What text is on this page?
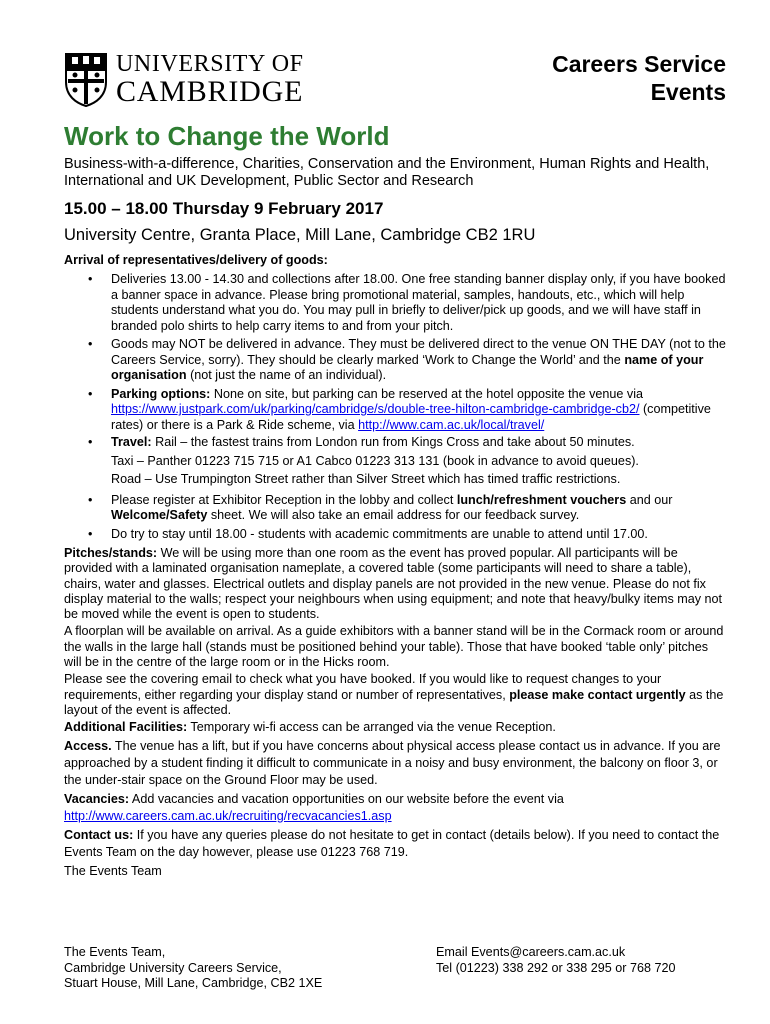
UNIVERSITY OF
CAMBRIDGE
Careers Service
Events
Work to Change the World

Business-with-a-difference, Charities, Conservation and the Environment, Human Rights and Health, International and UK Development, Public Sector and Research

15.00 – 18.00 Thursday 9 February 2017

University Centre, Granta Place, Mill Lane, Cambridge CB2 1RU

Arrival of representatives/delivery of goods:

• Deliveries 13.00 - 14.30 and collections after 18.00. One free standing banner display only, if you have booked a banner space in advance. Please bring promotional material, samples, handouts, etc., which will help students understand what you do. You may pull in briefly to deliver/pick up goods, and we will have staff in branded polo shirts to help carry items to and from your pitch.
• Goods may NOT be delivered in advance. They must be delivered direct to the venue ON THE DAY (not to the Careers Service, sorry). They should be clearly marked ‘Work to Change the World’ and the name of your organisation (not just the name of an individual).
• Parking options: None on site, but parking can be reserved at the hotel opposite the venue via https://www.justpark.com/uk/parking/cambridge/s/double-tree-hilton-cambridge-cambridge-cb2/ (competitive rates) or there is a Park & Ride scheme, via http://www.cam.ac.uk/local/travel/
• Travel: Rail – the fastest trains from London run from Kings Cross and take about 50 minutes.
Taxi – Panther 01223 715 715 or A1 Cabco 01223 313 131 (book in advance to avoid queues).
Road – Use Trumpington Street rather than Silver Street which has timed traffic restrictions.
• Please register at Exhibitor Reception in the lobby and collect lunch/refreshment vouchers and our Welcome/Safety sheet. We will also take an email address for our feedback survey.
• Do try to stay until 18.00 - students with academic commitments are unable to attend until 17.00.

Pitches/stands: We will be using more than one room as the event has proved popular. All participants will be provided with a laminated organisation nameplate, a covered table (some participants will need to share a table), chairs, water and glasses. Electrical outlets and display panels are not provided in the new venue. Please do not fix display material to the walls; respect your neighbours when using equipment; and note that heavy/bulky items may not be moved while the event is open to students.

A floorplan will be available on arrival. As a guide exhibitors with a banner stand will be in the Cormack room or around the walls in the large hall (stands must be positioned behind your table). Those that have booked ‘table only’ pitches will be in the centre of the large room or in the Hicks room.

Please see the covering email to check what you have booked. If you would like to request changes to your requirements, either regarding your display stand or number of representatives, please make contact urgently as the layout of the event is affected.

Additional Facilities: Temporary wi-fi access can be arranged via the venue Reception.

Access. The venue has a lift, but if you have concerns about physical access please contact us in advance. If you are approached by a student finding it difficult to communicate in a noisy and busy environment, the balcony on floor 3, or the under-stair space on the Ground Floor may be used.

Vacancies: Add vacancies and vacation opportunities on our website before the event via http://www.careers.cam.ac.uk/recruiting/recvacancies1.asp

Contact us: If you have any queries please do not hesitate to get in contact (details below). If you need to contact the Events Team on the day however, please use 01223 768 719.

The Events Team

The Events Team,
Cambridge University Careers Service,
Stuart House, Mill Lane, Cambridge, CB2 1XE
Email Events@careers.cam.ac.uk
Tel (01223) 338 292 or 338 295 or 768 720
